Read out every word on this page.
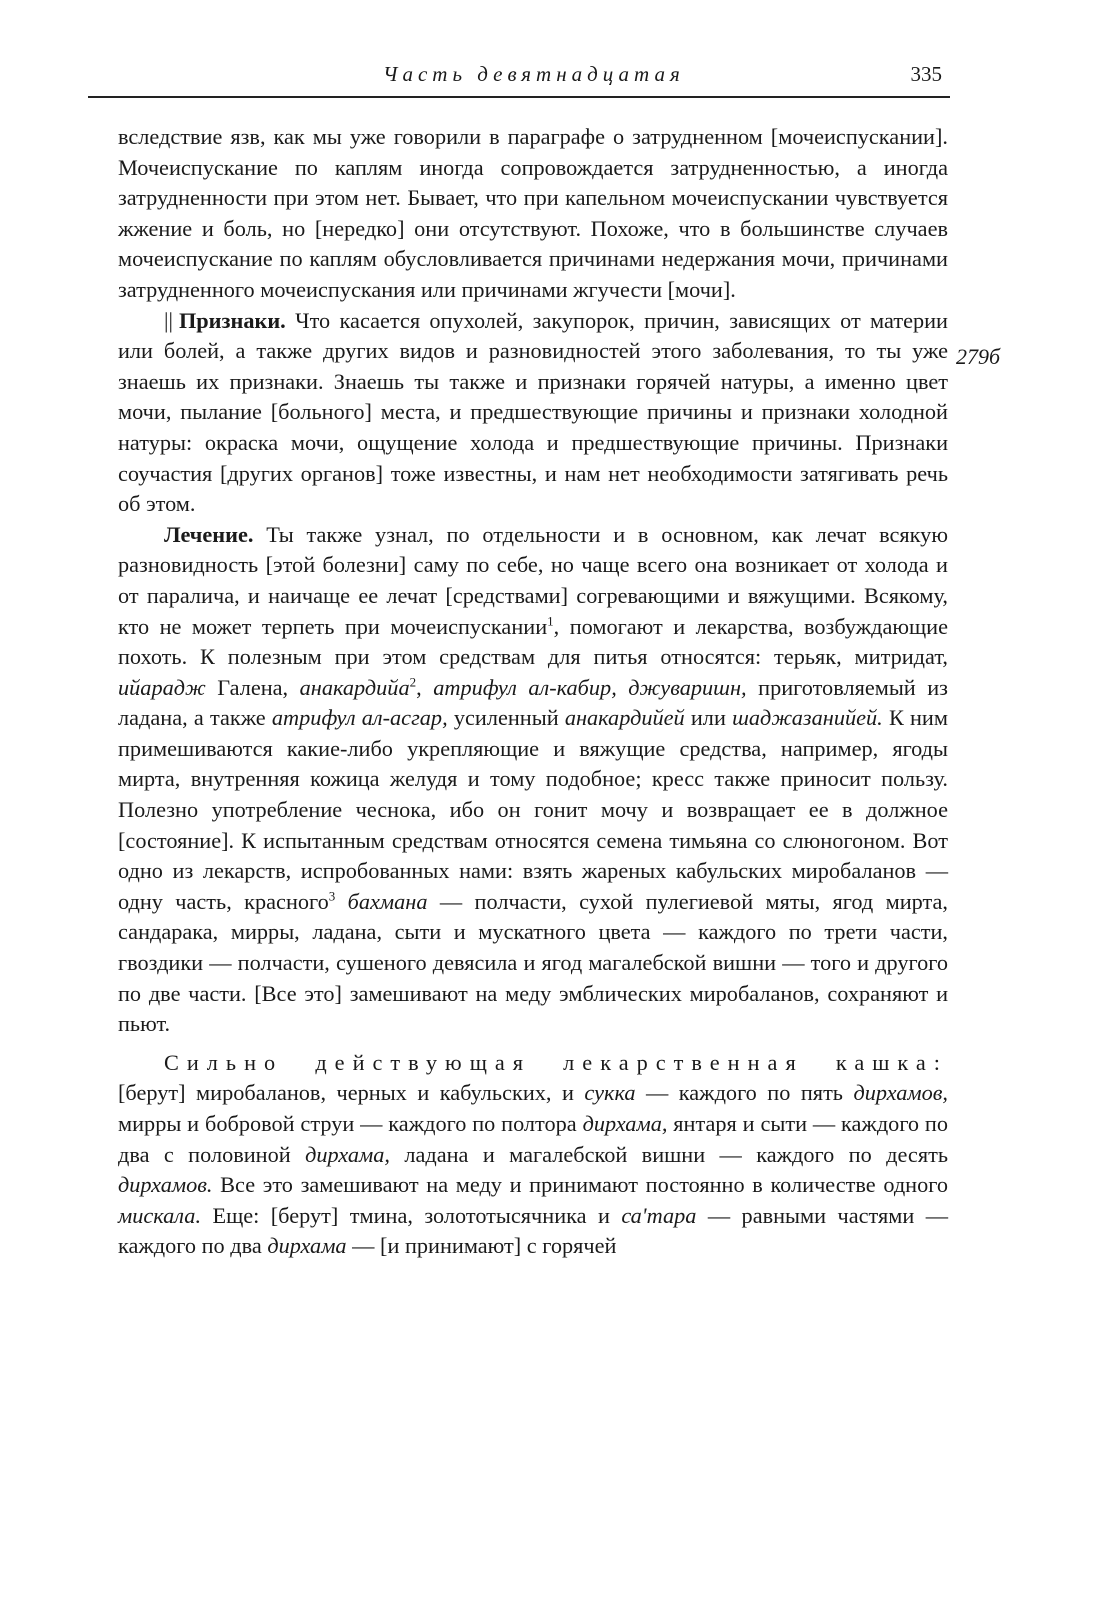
Часть девятнадцатая	335

вследствие язв, как мы уже говорили в параграфе о затрудненном [мочеиспускании]. Мочеиспускание по каплям иногда сопровождается затрудненностью, а иногда затрудненности при этом нет. Бывает, что при капельном мочеиспускании чувствуется жжение и боль, но [нередко] они отсутствуют. Похоже, что в большинстве случаев мочеиспускание по каплям обусловливается причинами недержания мочи, причинами затрудненного мочеиспускания или причинами жгучести [мочи].

|| Признаки. Что касается опухолей, закупорок, причин, зависящих от материи или болей, а также других видов и разновидностей этого заболевания, то ты уже знаешь их признаки. Знаешь ты также и признаки горячей натуры, а именно цвет мочи, пылание [больного] места, и предшествующие причины и признаки холодной натуры: окраска мочи, ощущение холода и предшествующие причины. Признаки соучастия [других органов] тоже известны, и нам нет необходимости затягивать речь об этом.

Лечение. Ты также узнал, по отдельности и в основном, как лечат всякую разновидность [этой болезни] саму по себе, но чаще всего она возникает от холода и от паралича, и наичаще ее лечат [средствами] согревающими и вяжущими. Всякому, кто не может терпеть при мочеиспускании$^1$, помогают и лекарства, возбуждающие похоть. К полезным при этом средствам для питья относятся: терьяк, митридат, ийарадж Галена, анакардийа$^2$, атрифул ал-кабир, джуваришн, приготовляемый из ладана, а также атрифул ал-асгар, усиленный анакардийей или шаджазанийей. К ним примешиваются какие-либо укрепляющие и вяжущие средства, например, ягоды мирта, внутренняя кожица желудя и тому подобное; кресс также приносит пользу. Полезно употребление чеснока, ибо он гонит мочу и возвращает ее в должное [состояние]. К испытанным средствам относятся семена тимьяна со слюногоном. Вот одно из лекарств, испробованных нами: взять жареных кабульских миробаланов — одну часть, красного$^3$ бахмана — полчасти, сухой пулегиевой мяты, ягод мирта, сандарака, мирры, ладана, сыти и мускатного цвета — каждого по трети части, гвоздики — полчасти, сушеного девясила и ягод магалебской вишни — того и другого по две части. [Все это] замешивают на меду эмблических миробаланов, сохраняют и пьют.

Сильно действующая лекарственная кашка: [берут] миробаланов, черных и кабульских, и сукка — каждого по пять дирхамов, мирры и бобровой струи — каждого по полтора дирхама, янтаря и сыти — каждого по два с половиной дирхама, ладана и магалебской вишни — каждого по десять дирхамов. Все это замешивают на меду и принимают постоянно в количестве одного мискала. Еще: [берут] тмина, золототысячника и са'тара — равными частями — каждого по два дирхама — [и принимают] с горячей

279б
